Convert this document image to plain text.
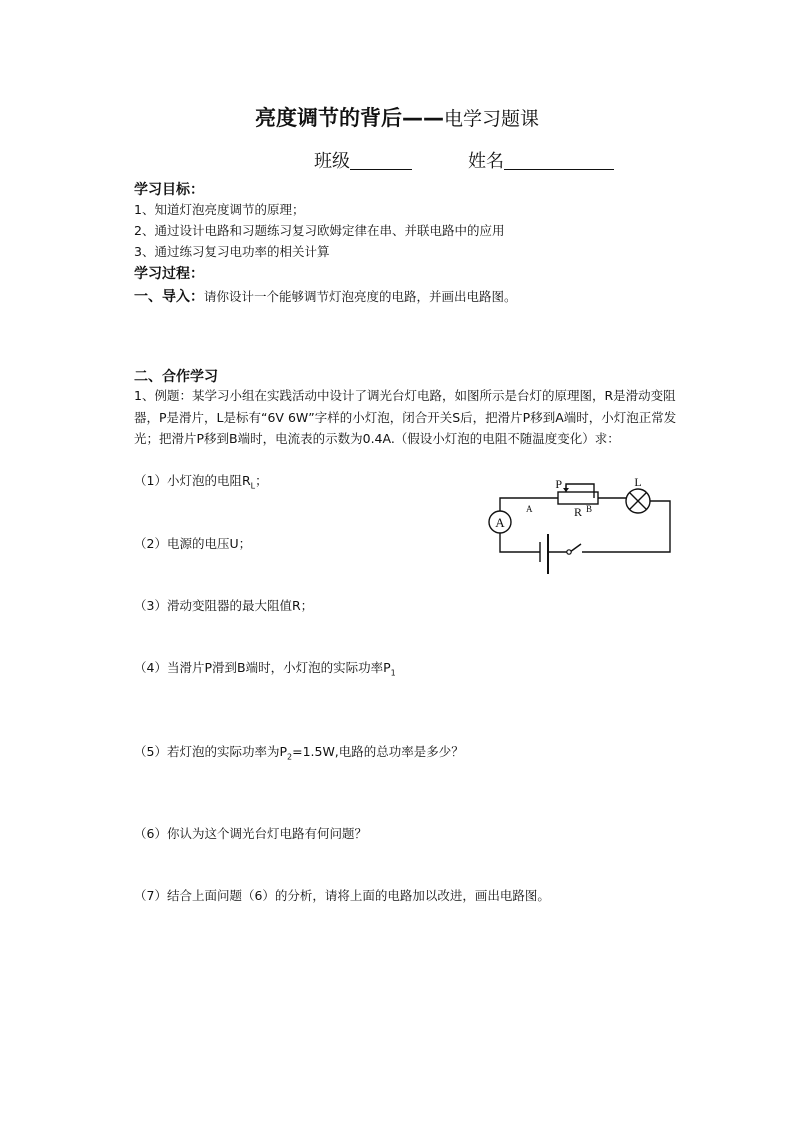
亮度调节的背后——电学习题课
班级	姓名
学习目标：
1、知道灯泡亮度调节的原理；
2、通过设计电路和习题练习复习欧姆定律在串、并联电路中的应用
3、通过练习复习电功率的相关计算
学习过程：
一、导入：请你设计一个能够调节灯泡亮度的电路，并画出电路图。
二、合作学习
1、例题：某学习小组在实践活动中设计了调光台灯电路，如图所示是台灯的原理图，R是滑动变阻器，P是滑片，L是标有“6V 6W”字样的小灯泡，闭合开关S后，把滑片P移到A端时，小灯泡正常发光；把滑片P移到B端时，电流表的示数为0.4A.（假设小灯泡的电阻不随温度变化）求：
（1）小灯泡的电阻$R_L$；
（2）电源的电压U；
（3）滑动变阻器的最大阻值R；
（4）当滑片P滑到B端时，小灯泡的实际功率$P_1$
（5）若灯泡的实际功率为$P_2=1.5W$,电路的总功率是多少？
（6）你认为这个调光台灯电路有何问题？
（7）结合上面问题（6）的分析，请将上面的电路加以改进，画出电路图。
P	L
A	R B
A
